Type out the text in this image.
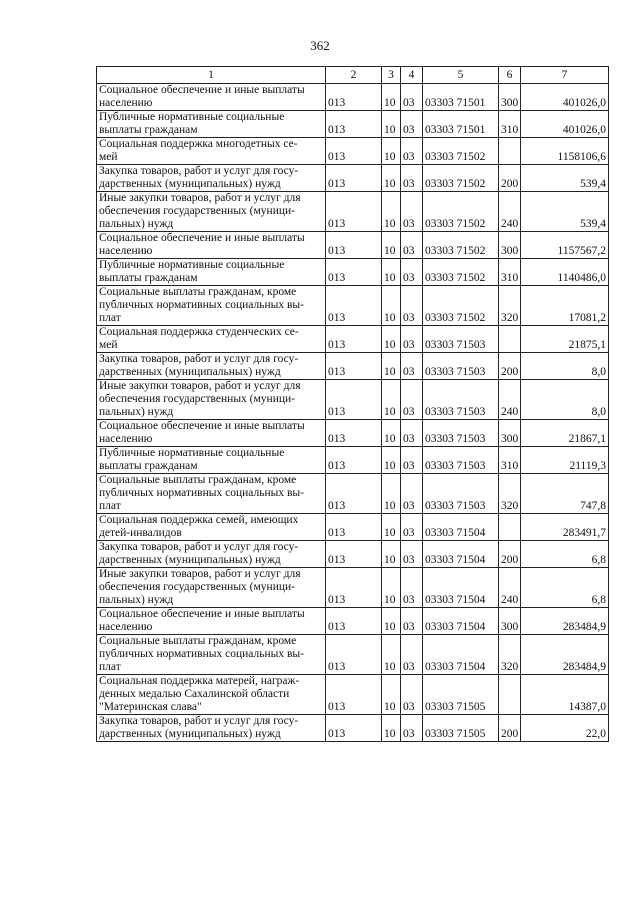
362
1	2	3	4	5	6	7

Социальное обеспечение и иные выплаты
населению	013	10	03	03303 71501	300	401026,0

Публичные нормативные социальные
выплаты гражданам	013	10	03	03303 71501	310	401026,0

Социальная поддержка многодетных се-
мей	013	10	03	03303 71502		1158106,6

Закупка товаров, работ и услуг для госу-
дарственных (муниципальных) нужд	013	10	03	03303 71502	200	539,4

Иные закупки товаров, работ и услуг для
обеспечения государственных (муници-
пальных) нужд	013	10	03	03303 71502	240	539,4

Социальное обеспечение и иные выплаты
населению	013	10	03	03303 71502	300	1157567,2

Публичные нормативные социальные
выплаты гражданам	013	10	03	03303 71502	310	1140486,0

Социальные выплаты гражданам, кроме
публичных нормативных социальных вы-
плат	013	10	03	03303 71502	320	17081,2

Социальная поддержка студенческих се-
мей	013	10	03	03303 71503		21875,1

Закупка товаров, работ и услуг для госу-
дарственных (муниципальных) нужд	013	10	03	03303 71503	200	8,0

Иные закупки товаров, работ и услуг для
обеспечения государственных (муници-
пальных) нужд	013	10	03	03303 71503	240	8,0

Социальное обеспечение и иные выплаты
населению	013	10	03	03303 71503	300	21867,1

Публичные нормативные социальные
выплаты гражданам	013	10	03	03303 71503	310	21119,3

Социальные выплаты гражданам, кроме
публичных нормативных социальных вы-
плат	013	10	03	03303 71503	320	747,8

Социальная поддержка семей, имеющих
детей-инвалидов	013	10	03	03303 71504		283491,7

Закупка товаров, работ и услуг для госу-
дарственных (муниципальных) нужд	013	10	03	03303 71504	200	6,8

Иные закупки товаров, работ и услуг для
обеспечения государственных (муници-
пальных) нужд	013	10	03	03303 71504	240	6,8

Социальное обеспечение и иные выплаты
населению	013	10	03	03303 71504	300	283484,9

Социальные выплаты гражданам, кроме
публичных нормативных социальных вы-
плат	013	10	03	03303 71504	320	283484,9

Социальная поддержка матерей, награж-
денных медалью Сахалинской области
"Материнская слава"	013	10	03	03303 71505		14387,0

Закупка товаров, работ и услуг для госу-
дарственных (муниципальных) нужд	013	10	03	03303 71505	200	22,0
